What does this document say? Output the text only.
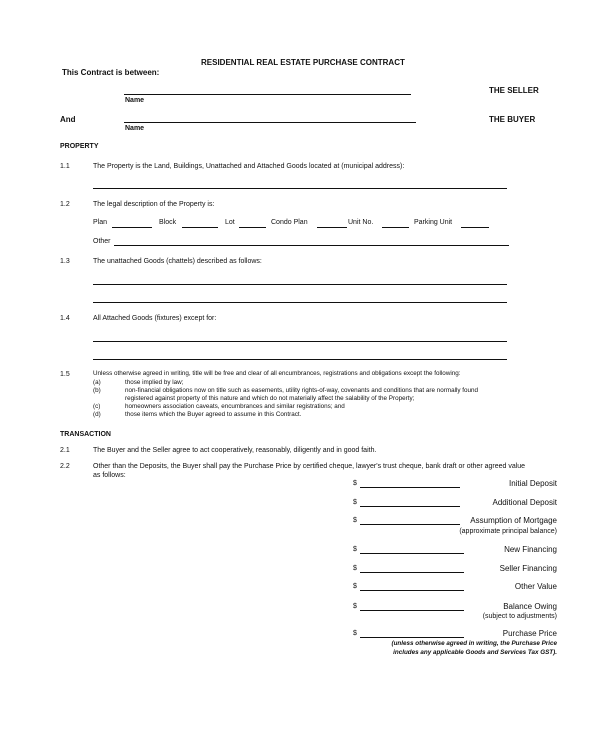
RESIDENTIAL REAL ESTATE PURCHASE CONTRACT
This Contract is between:
Name
THE SELLER
And
Name
THE BUYER
PROPERTY
1.1	The Property is the Land, Buildings, Unattached and Attached Goods located at (municipal address):
1.2	The legal description of the Property is:
Plan	Block	Lot	Condo Plan	Unit No.	Parking Unit
Other
1.3	The unattached Goods (chattels) described as follows:
1.4	All Attached Goods (fixtures) except for:
1.5	Unless otherwise agreed in writing, title will be free and clear of all encumbrances, registrations and obligations except the following:
(a)	those implied by law;
(b)	non-financial obligations now on title such as easements, utility rights-of-way, covenants and conditions that are normally found
registered against property of this nature and which do not materially affect the salability of the Property;
(c)	homeowners association caveats, encumbrances and similar registrations; and
(d)	those items which the Buyer agreed to assume in this Contract.
TRANSACTION
2.1	The Buyer and the Seller agree to act cooperatively, reasonably, diligently and in good faith.
2.2	Other than the Deposits, the Buyer shall pay the Purchase Price by certified cheque, lawyer's trust cheque, bank draft or other agreed value
as follows:
$	Initial Deposit
$	Additional Deposit
$	Assumption of Mortgage
(approximate principal balance)
$	New Financing
$	Seller Financing
$	Other Value
$	Balance Owing
(subject to adjustments)
$	Purchase Price
(unless otherwise agreed in writing, the Purchase Price
includes any applicable Goods and Services Tax GST).
